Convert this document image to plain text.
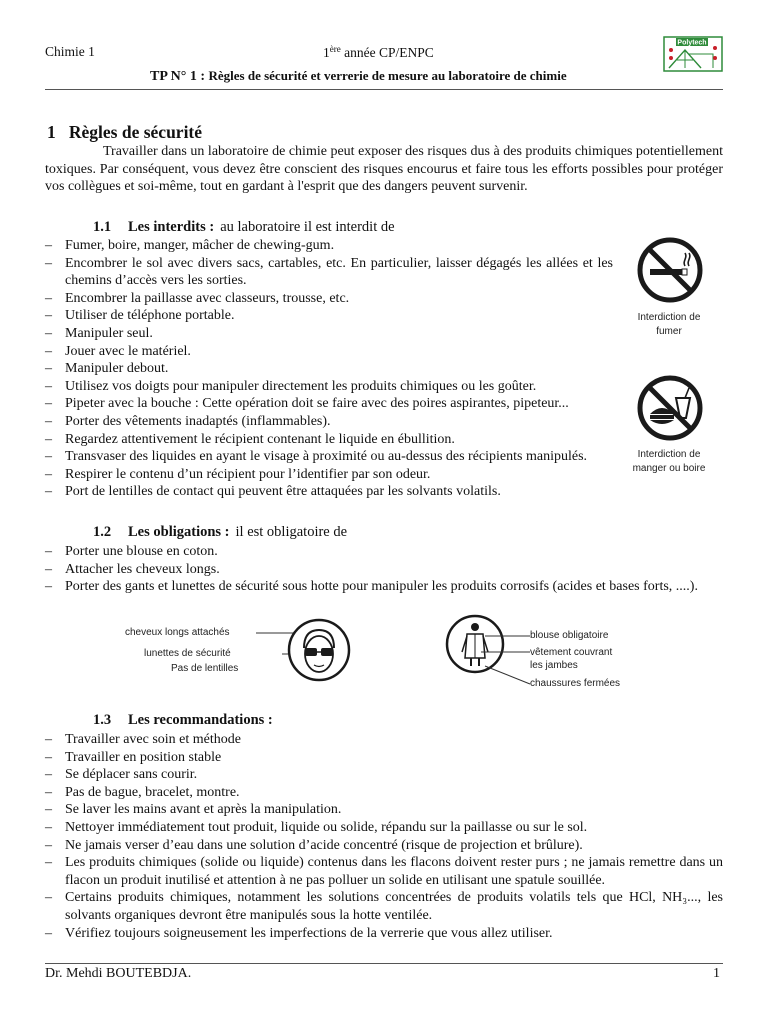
Chimie 1	1ère année CP/ENPC
Polytech
TP N° 1 : Règles de sécurité et verrerie de mesure au laboratoire de chimie
1 Règles de sécurité
Travailler dans un laboratoire de chimie peut exposer des risques dus à des produits chimiques potentiellement toxiques. Par conséquent, vous devez être conscient des risques encourus et faire tous les efforts possibles pour protéger vos collègues et soi-même, tout en gardant à l'esprit que des dangers peuvent survenir.
1.1 Les interdits : au laboratoire il est interdit de
– Fumer, boire, manger, mâcher de chewing-gum.
– Encombrer le sol avec divers sacs, cartables, etc. En particulier, laisser dégagés les allées et les chemins d’accès vers les sorties.
– Encombrer la paillasse avec classeurs, trousse, etc.
– Utiliser de téléphone portable.
– Manipuler seul.
– Jouer avec le matériel.
– Manipuler debout.
– Utilisez vos doigts pour manipuler directement les produits chimiques ou les goûter.
– Pipeter avec la bouche : Cette opération doit se faire avec des poires aspirantes, pipeteur...
– Porter des vêtements inadaptés (inflammables).
– Regardez attentivement le récipient contenant le liquide en ébullition.
– Transvaser des liquides en ayant le visage à proximité ou au-dessus des récipients manipulés.
– Respirer le contenu d’un récipient pour l’identifier par son odeur.
– Port de lentilles de contact qui peuvent être attaquées par les solvants volatils.
Interdiction de
fumer
Interdiction de
manger ou boire
1.2 Les obligations : il est obligatoire de
– Porter une blouse en coton.
– Attacher les cheveux longs.
– Porter des gants et lunettes de sécurité sous hotte pour manipuler les produits corrosifs (acides et bases forts, ....).
cheveux longs attachés
lunettes de sécurité
Pas de lentilles
blouse obligatoire
vêtement couvrant
les jambes
chaussures fermées
1.3 Les recommandations :
– Travailler avec soin et méthode
– Travailler en position stable
– Se déplacer sans courir.
– Pas de bague, bracelet, montre.
– Se laver les mains avant et après la manipulation.
– Nettoyer immédiatement tout produit, liquide ou solide, répandu sur la paillasse ou sur le sol.
– Ne jamais verser d’eau dans une solution d’acide concentré (risque de projection et brûlure).
– Les produits chimiques (solide ou liquide) contenus dans les flacons doivent rester purs ; ne jamais remettre dans un flacon un produit inutilisé et attention à ne pas polluer un solide en utilisant une spatule souillée.
– Certains produits chimiques, notamment les solutions concentrées de produits volatils tels que HCl, NH₃..., les solvants organiques devront être manipulés sous la hotte ventilée.
– Vérifiez toujours soigneusement les imperfections de la verrerie que vous allez utiliser.
Dr. Mehdi BOUTEBDJA.	1
